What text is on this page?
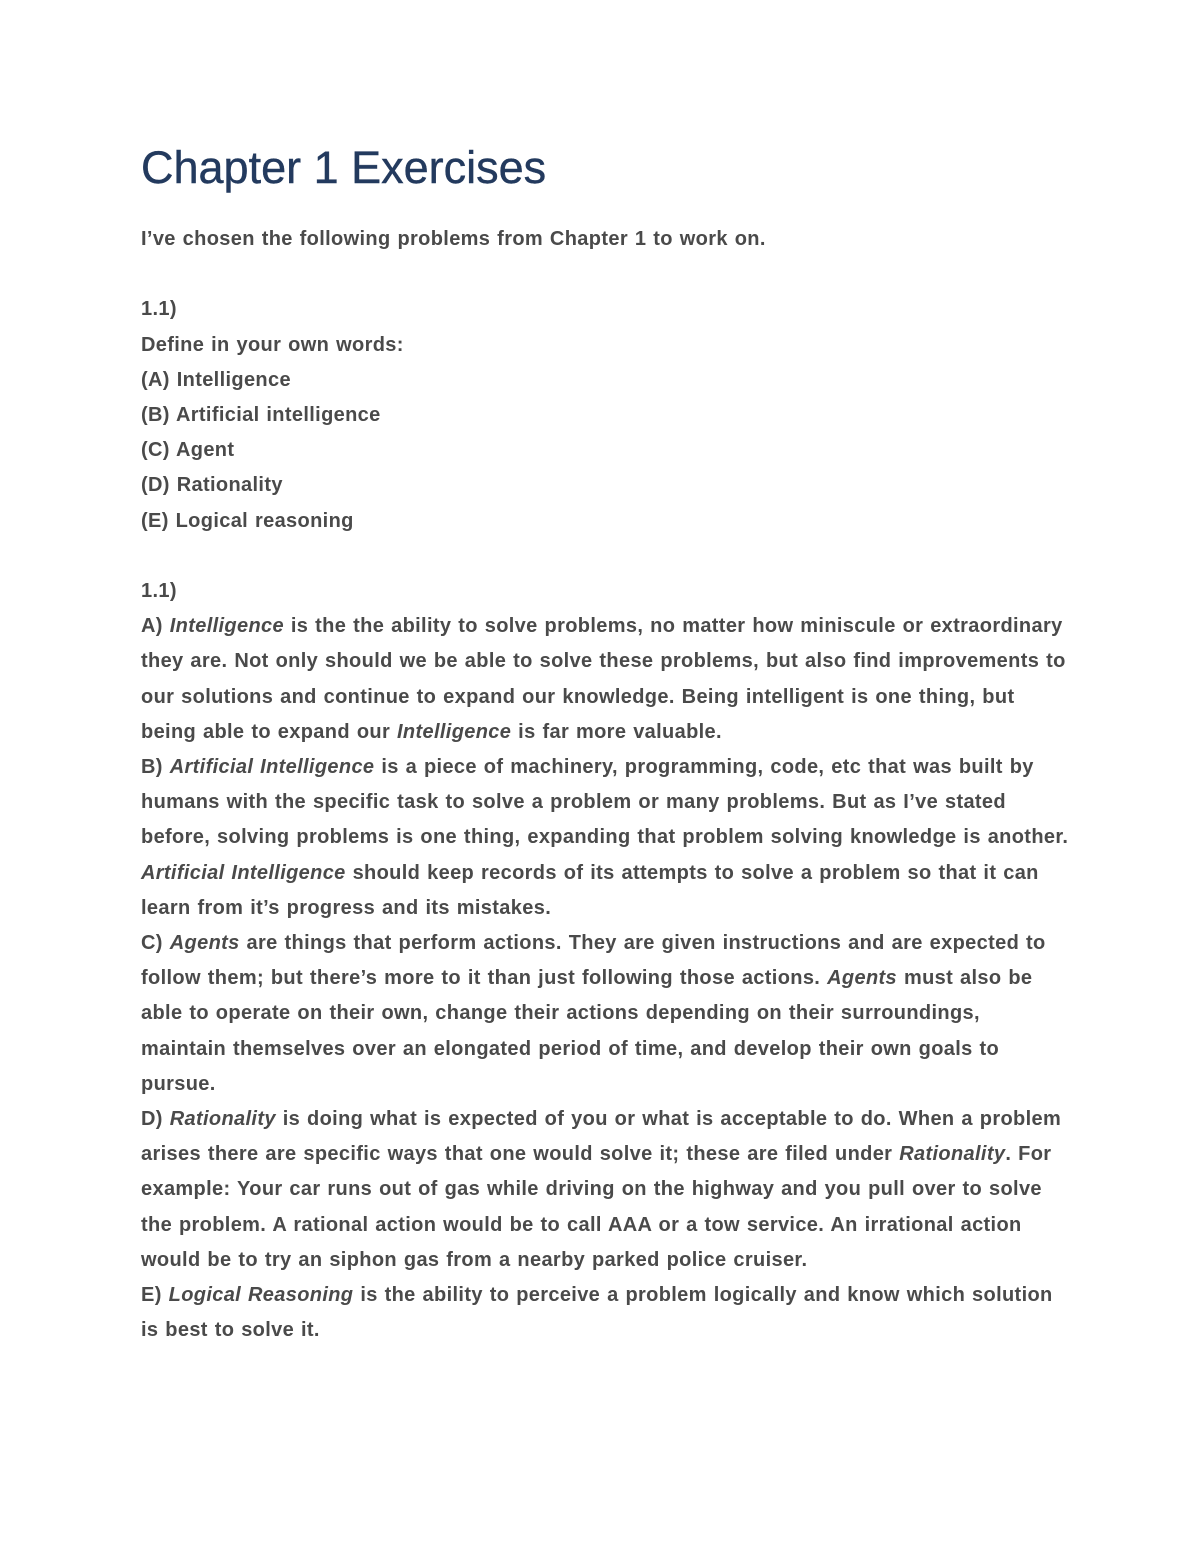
Chapter 1 Exercises
I’ve chosen the following problems from Chapter 1 to work on.
1.1)
Define in your own words:
(A) Intelligence
(B) Artificial intelligence
(C) Agent
(D) Rationality
(E) Logical reasoning
1.1)
A) Intelligence is the the ability to solve problems, no matter how miniscule or extraordinary they are. Not only should we be able to solve these problems, but also find improvements to our solutions and continue to expand our knowledge. Being intelligent is one thing, but being able to expand our Intelligence is far more valuable.
B) Artificial Intelligence is a piece of machinery, programming, code, etc that was built by humans with the specific task to solve a problem or many problems. But as I’ve stated before, solving problems is one thing, expanding that problem solving knowledge is another. Artificial Intelligence should keep records of its attempts to solve a problem so that it can learn from it’s progress and its mistakes.
C) Agents are things that perform actions. They are given instructions and are expected to follow them; but there’s more to it than just following those actions. Agents must also be able to operate on their own, change their actions depending on their surroundings, maintain themselves over an elongated period of time, and develop their own goals to pursue.
D) Rationality is doing what is expected of you or what is acceptable to do. When a problem arises there are specific ways that one would solve it; these are filed under Rationality. For example: Your car runs out of gas while driving on the highway and you pull over to solve the problem. A rational action would be to call AAA or a tow service. An irrational action would be to try an siphon gas from a nearby parked police cruiser.
E) Logical Reasoning is the ability to perceive a problem logically and know which solution is best to solve it.
